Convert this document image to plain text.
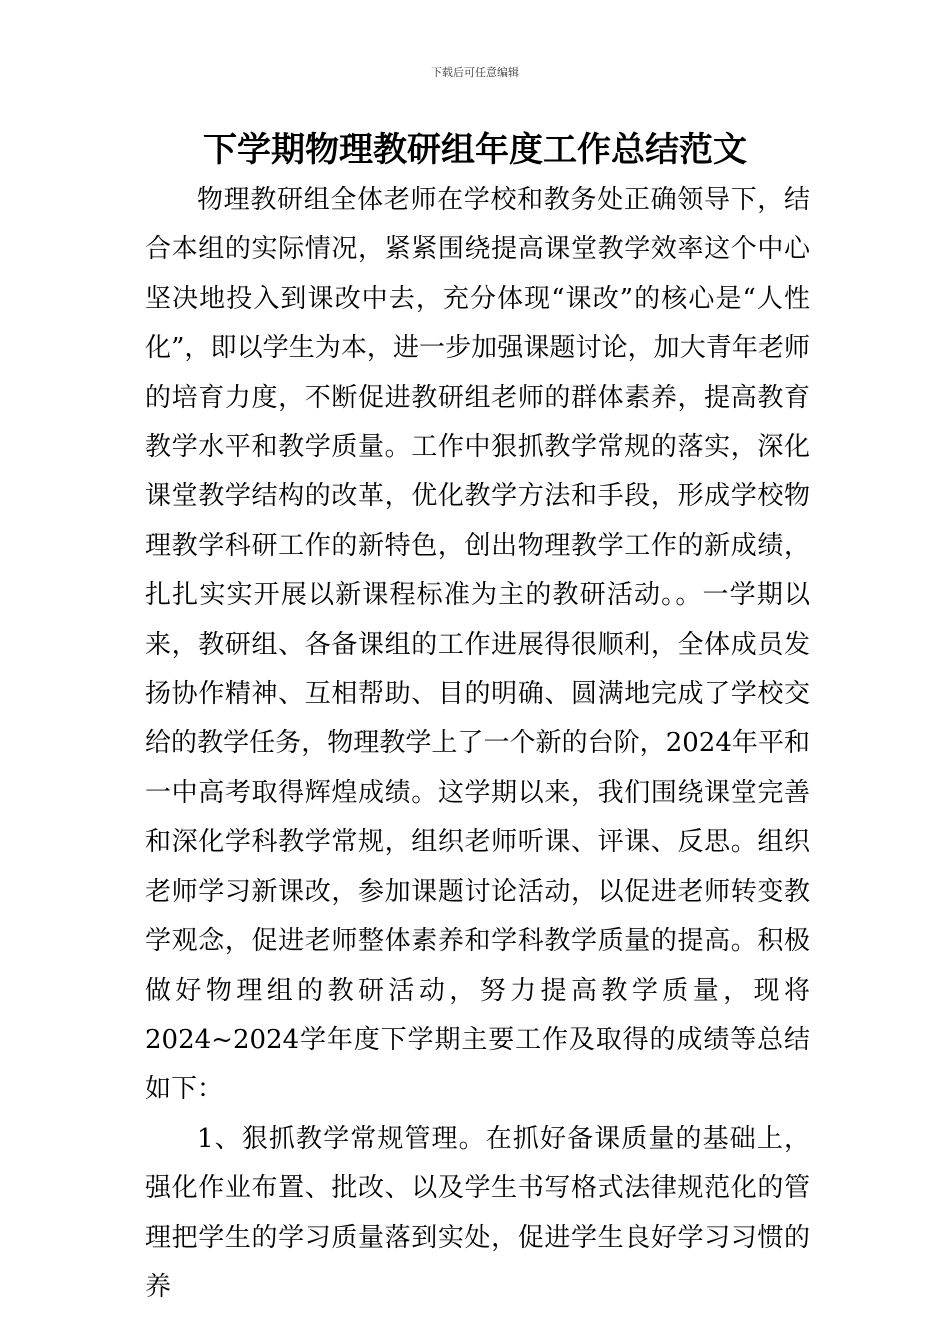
下载后可任意编辑
下学期物理教研组年度工作总结范文

物理教研组全体老师在学校和教务处正确领导下，结合本组的实际情况，紧紧围绕提高课堂教学效率这个中心坚决地投入到课改中去，充分体现“课改”的核心是“人性化”，即以学生为本，进一步加强课题讨论，加大青年老师的培育力度，不断促进教研组老师的群体素养，提高教育教学水平和教学质量。工作中狠抓教学常规的落实，深化课堂教学结构的改革，优化教学方法和手段，形成学校物理教学科研工作的新特色，创出物理教学工作的新成绩，扎扎实实开展以新课程标准为主的教研活动。。一学期以来，教研组、各备课组的工作进展得很顺利，全体成员发扬协作精神、互相帮助、目的明确、圆满地完成了学校交给的教学任务，物理教学上了一个新的台阶，2024年平和一中高考取得辉煌成绩。这学期以来，我们围绕课堂完善和深化学科教学常规，组织老师听课、评课、反思。组织老师学习新课改，参加课题讨论活动，以促进老师转变教学观念，促进老师整体素养和学科教学质量的提高。积极做好物理组的教研活动，努力提高教学质量，现将2024~2024学年度下学期主要工作及取得的成绩等总结如下：

1、狠抓教学常规管理。在抓好备课质量的基础上，强化作业布置、批改、以及学生书写格式法律规范化的管理把学生的学习质量落到实处，促进学生良好学习习惯的养
